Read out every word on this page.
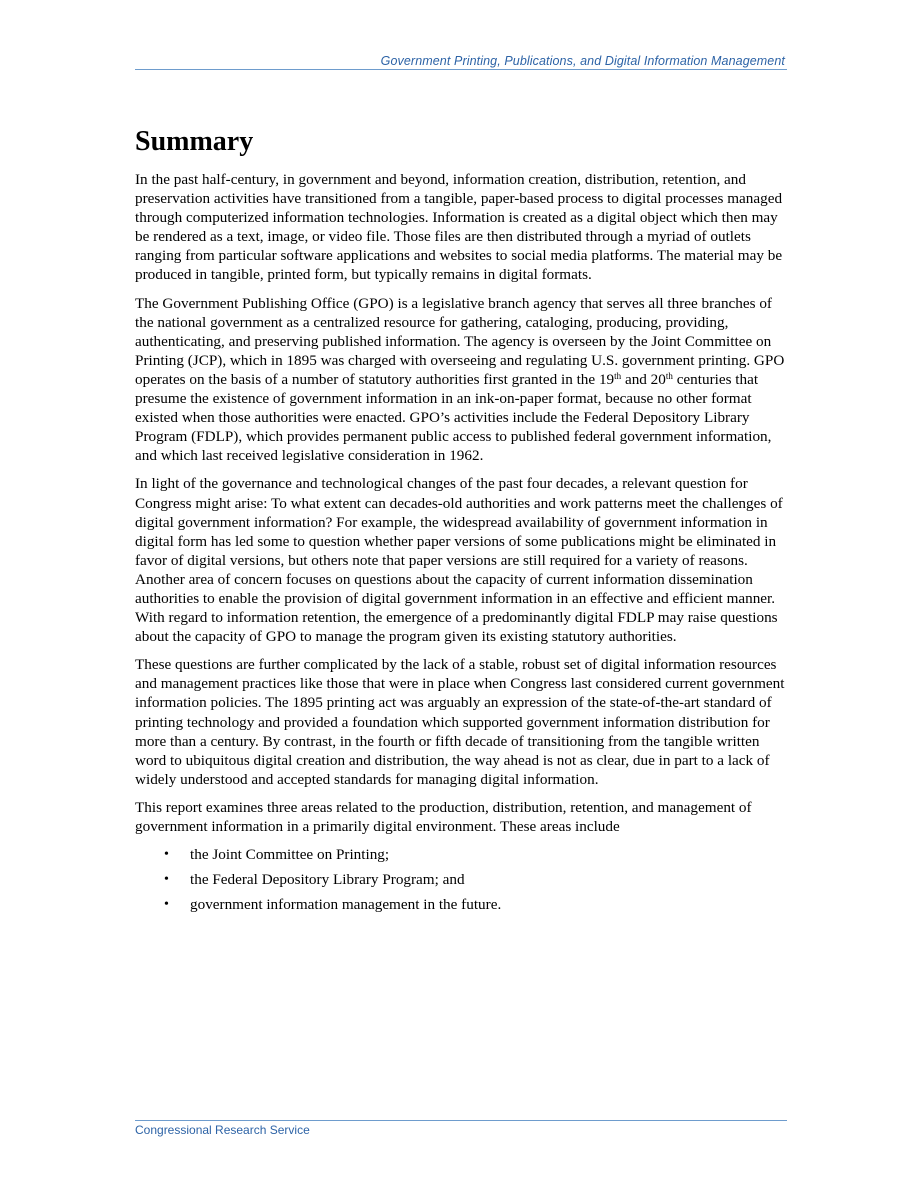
Government Printing, Publications, and Digital Information Management
Summary

In the past half-century, in government and beyond, information creation, distribution, retention, and preservation activities have transitioned from a tangible, paper-based process to digital processes managed through computerized information technologies. Information is created as a digital object which then may be rendered as a text, image, or video file. Those files are then distributed through a myriad of outlets ranging from particular software applications and websites to social media platforms. The material may be produced in tangible, printed form, but typically remains in digital formats.

The Government Publishing Office (GPO) is a legislative branch agency that serves all three branches of the national government as a centralized resource for gathering, cataloging, producing, providing, authenticating, and preserving published information. The agency is overseen by the Joint Committee on Printing (JCP), which in 1895 was charged with overseeing and regulating U.S. government printing. GPO operates on the basis of a number of statutory authorities first granted in the 19th and 20th centuries that presume the existence of government information in an ink-on-paper format, because no other format existed when those authorities were enacted. GPO’s activities include the Federal Depository Library Program (FDLP), which provides permanent public access to published federal government information, and which last received legislative consideration in 1962.

In light of the governance and technological changes of the past four decades, a relevant question for Congress might arise: To what extent can decades-old authorities and work patterns meet the challenges of digital government information? For example, the widespread availability of government information in digital form has led some to question whether paper versions of some publications might be eliminated in favor of digital versions, but others note that paper versions are still required for a variety of reasons. Another area of concern focuses on questions about the capacity of current information dissemination authorities to enable the provision of digital government information in an effective and efficient manner. With regard to information retention, the emergence of a predominantly digital FDLP may raise questions about the capacity of GPO to manage the program given its existing statutory authorities.

These questions are further complicated by the lack of a stable, robust set of digital information resources and management practices like those that were in place when Congress last considered current government information policies. The 1895 printing act was arguably an expression of the state-of-the-art standard of printing technology and provided a foundation which supported government information distribution for more than a century. By contrast, in the fourth or fifth decade of transitioning from the tangible written word to ubiquitous digital creation and distribution, the way ahead is not as clear, due in part to a lack of widely understood and accepted standards for managing digital information.

This report examines three areas related to the production, distribution, retention, and management of government information in a primarily digital environment. These areas include

• the Joint Committee on Printing;
• the Federal Depository Library Program; and
• government information management in the future.
Congressional Research Service
